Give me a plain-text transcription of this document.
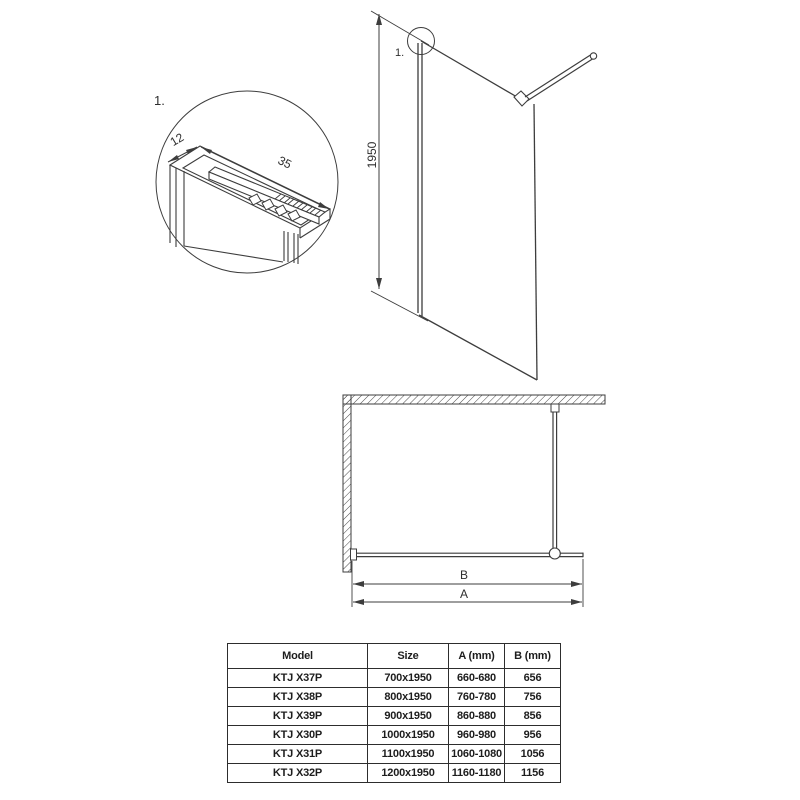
1.
12
35	1950
1.
B
A
Model	Size	A (mm)	B (mm)
KTJ X37P	700x1950	660-680	656
KTJ X38P	800x1950	760-780	756
KTJ X39P	900x1950	860-880	856
KTJ X30P	1000x1950	960-980	956
KTJ X31P	1100x1950	1060-1080	1056
KTJ X32P	1200x1950	1160-1180	1156
